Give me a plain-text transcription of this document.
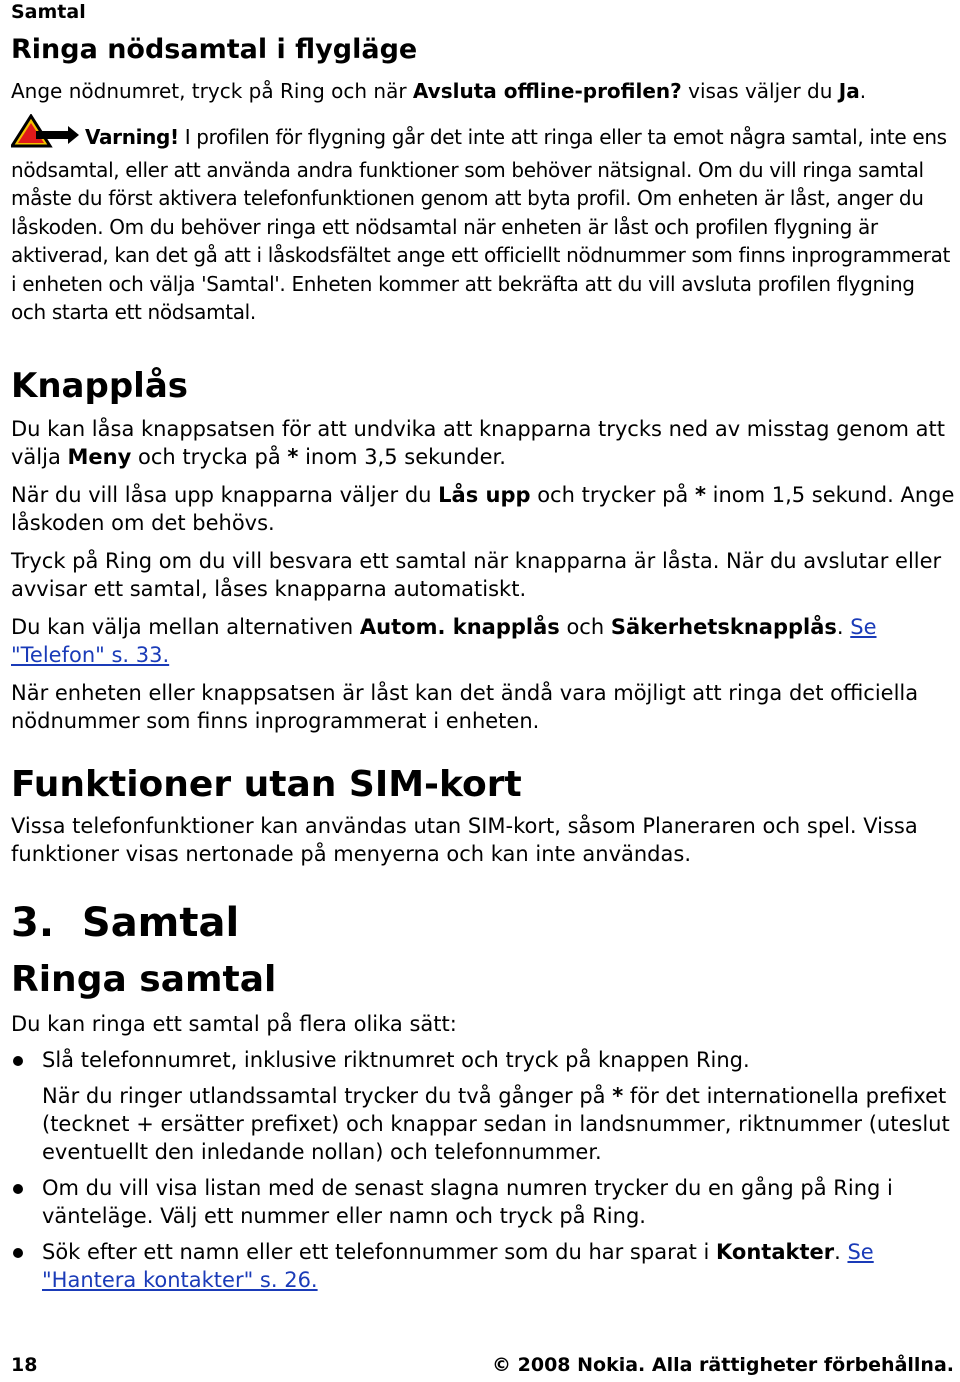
Samtal
Ringa nödsamtal i flygläge

Ange nödnumret, tryck på Ring och när Avsluta offline-profilen? visas väljer du Ja.

Varning! I profilen för flygning går det inte att ringa eller ta emot några samtal, inte ens nödsamtal, eller att använda andra funktioner som behöver nätsignal. Om du vill ringa samtal måste du först aktivera telefonfunktionen genom att byta profil. Om enheten är låst, anger du låskoden. Om du behöver ringa ett nödsamtal när enheten är låst och profilen flygning är aktiverad, kan det gå att i låskodsfältet ange ett officiellt nödnummer som finns inprogrammerat i enheten och välja 'Samtal'. Enheten kommer att bekräfta att du vill avsluta profilen flygning och starta ett nödsamtal.

Knapplås

Du kan låsa knappsatsen för att undvika att knapparna trycks ned av misstag genom att välja Meny och trycka på * inom 3,5 sekunder.

När du vill låsa upp knapparna väljer du Lås upp och trycker på * inom 1,5 sekund. Ange låskoden om det behövs.

Tryck på Ring om du vill besvara ett samtal när knapparna är låsta. När du avslutar eller avvisar ett samtal, låses knapparna automatiskt.

Du kan välja mellan alternativen Autom. knapplås och Säkerhetsknapplås. Se "Telefon" s. 33.

När enheten eller knappsatsen är låst kan det ändå vara möjligt att ringa det officiella nödnummer som finns inprogrammerat i enheten.

Funktioner utan SIM-kort

Vissa telefonfunktioner kan användas utan SIM-kort, såsom Planeraren och spel. Vissa funktioner visas nertonade på menyerna och kan inte användas.

3.  Samtal
Ringa samtal

Du kan ringa ett samtal på flera olika sätt:

Slå telefonnumret, inklusive riktnumret och tryck på knappen Ring.
När du ringer utlandssamtal trycker du två gånger på * för det internationella prefixet (tecknet + ersätter prefixet) och knappar sedan in landsnummer, riktnummer (uteslut eventuellt den inledande nollan) och telefonnummer.
Om du vill visa listan med de senast slagna numren trycker du en gång på Ring i vänteläge. Välj ett nummer eller namn och tryck på Ring.
Sök efter ett namn eller ett telefonnummer som du har sparat i Kontakter. Se "Hantera kontakter" s. 26.
18	© 2008 Nokia. Alla rättigheter förbehållna.
